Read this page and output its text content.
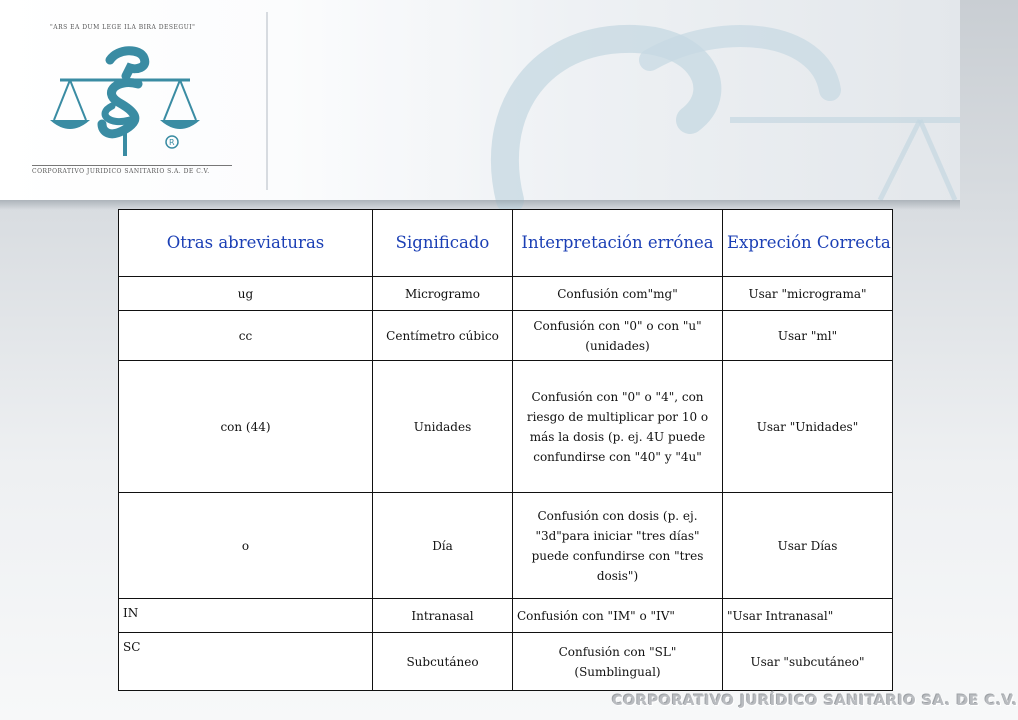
"ARS EA DUM LEGE ILA BIRA DESEGUI"
R
CORPORATIVO JURIDICO SANITARIO S.A. DE C.V.
Otras abreviaturas	Significado	Interpretación errónea	Expreción Correcta
ug	Microgramo	Confusión com"mg"	Usar "micrograma"
cc	Centímetro cúbico	Confusión con "0" o con "u" (unidades)	Usar "ml"
con (44)	Unidades	Confusión con "0" o "4", con riesgo de multiplicar por 10 o más la dosis (p. ej. 4U puede confundirse con "40" y "4u"	Usar "Unidades"
o	Día	Confusión con dosis (p. ej. "3d"para iniciar "tres días" puede confundirse con "tres dosis")	Usar Días
IN	Intranasal	Confusión con "IM" o "IV"	"Usar Intranasal"
SC	Subcutáneo	Confusión con "SL" (Sumblingual)	Usar "subcutáneo"
CORPORATIVO JURÍDICO SANITARIO SA. DE C.V.
